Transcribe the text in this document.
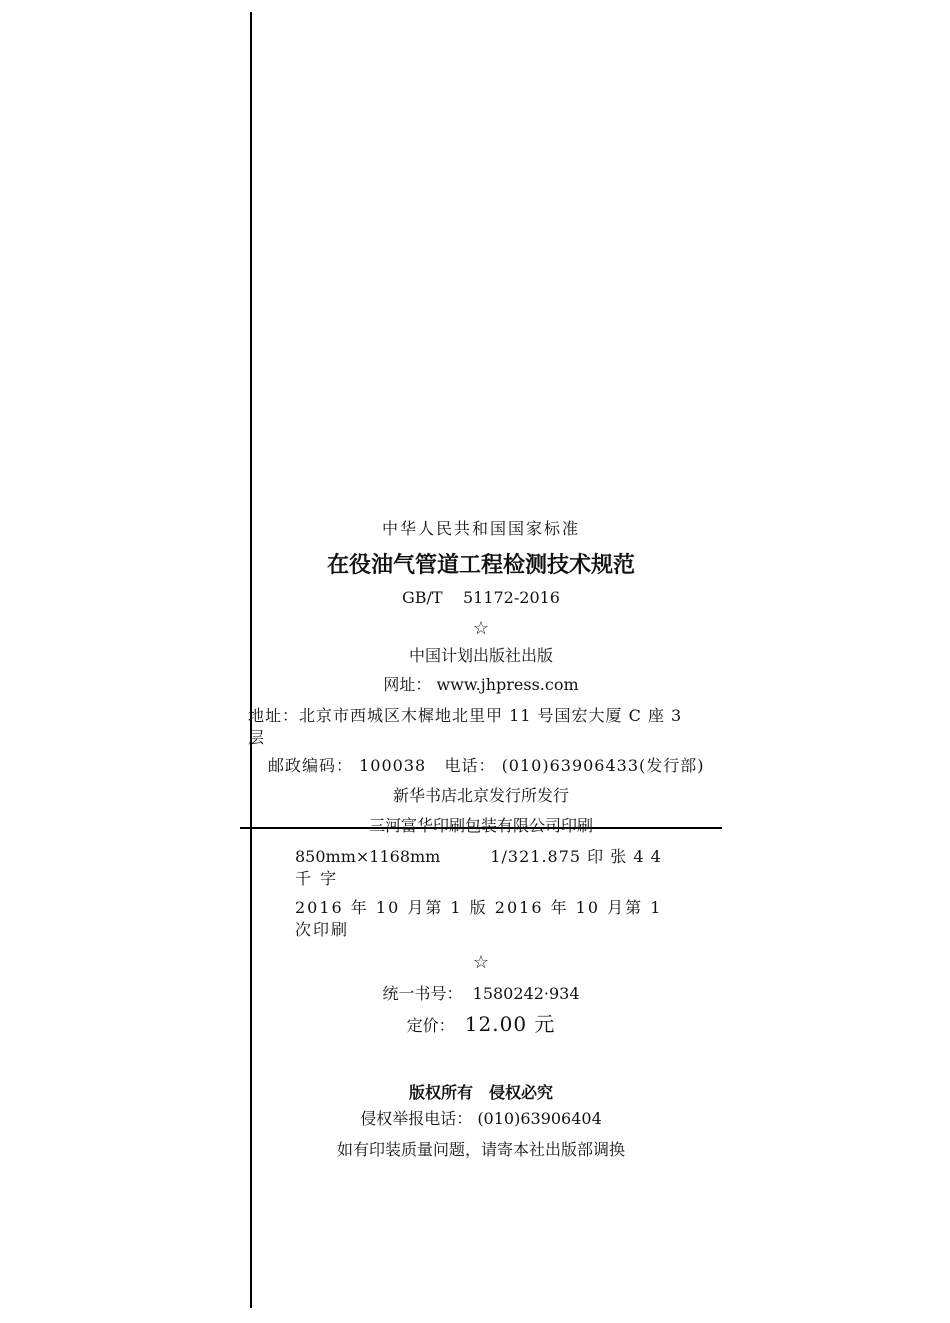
中华人民共和国国家标准
在役油气管道工程检测技术规范
GB/T 51172-2016
☆
中国计划出版社出版
网址： www.jhpress.com
地址：北京市西城区木樨地北里甲 11 号国宏大厦 C 座 3
层
邮政编码： 100038 电话： (010)63906433(发行部)
新华书店北京发行所发行
三河富华印刷包装有限公司印刷
850mm×1168mm	1/321.875 印 张 4 4
千 字
2016 年 10 月第 1 版 2016 年 10 月第 1
次印刷
☆
统一书号： 1580242·934
定价： 12.00 元
版权所有　侵权必究
侵权举报电话： (010)63906404
如有印装质量问题，请寄本社出版部调换
